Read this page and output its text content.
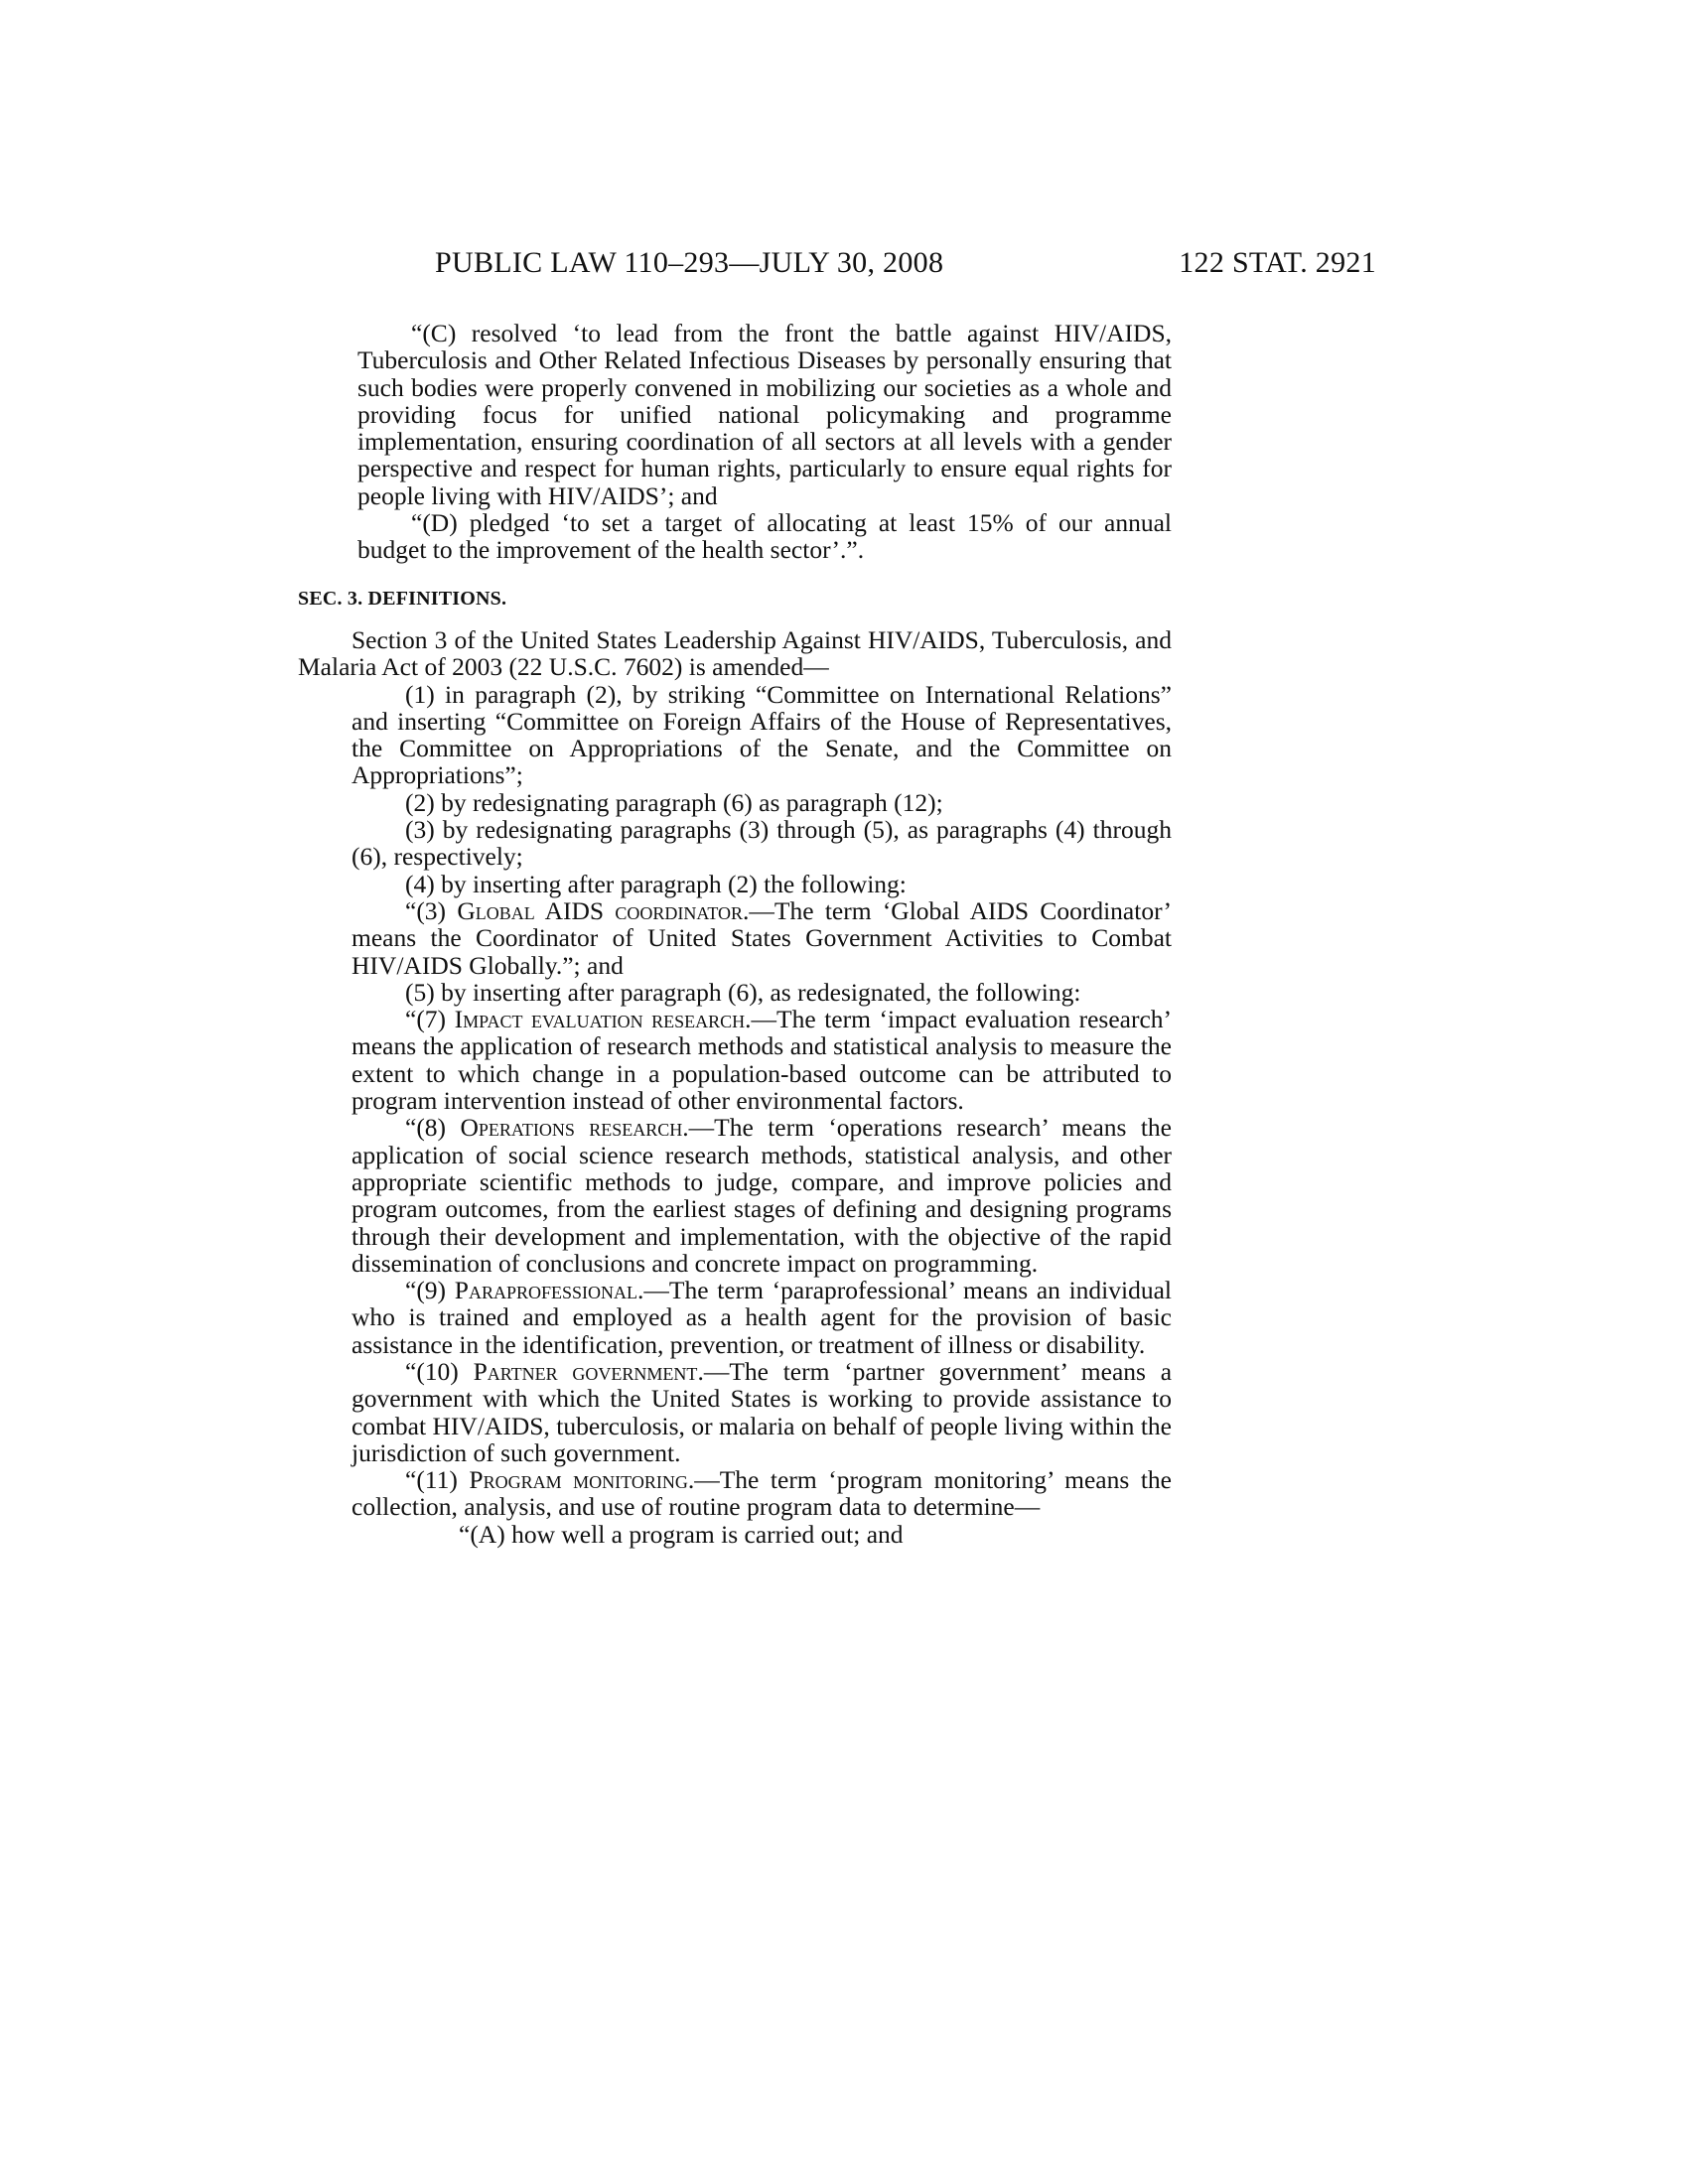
PUBLIC LAW 110–293—JULY 30, 2008	122 STAT. 2921

“(C) resolved ‘to lead from the front the battle against HIV/AIDS, Tuberculosis and Other Related Infectious Diseases by personally ensuring that such bodies were properly convened in mobilizing our societies as a whole and providing focus for unified national policymaking and programme implementation, ensuring coordination of all sectors at all levels with a gender perspective and respect for human rights, particularly to ensure equal rights for people living with HIV/AIDS’; and

“(D) pledged ‘to set a target of allocating at least 15% of our annual budget to the improvement of the health sector’.”.

SEC. 3. DEFINITIONS.

Section 3 of the United States Leadership Against HIV/AIDS, Tuberculosis, and Malaria Act of 2003 (22 U.S.C. 7602) is amended—

(1) in paragraph (2), by striking “Committee on International Relations” and inserting “Committee on Foreign Affairs of the House of Representatives, the Committee on Appropriations of the Senate, and the Committee on Appropriations”;

(2) by redesignating paragraph (6) as paragraph (12);

(3) by redesignating paragraphs (3) through (5), as paragraphs (4) through (6), respectively;

(4) by inserting after paragraph (2) the following:

“(3) Global AIDS coordinator.—The term ‘Global AIDS Coordinator’ means the Coordinator of United States Government Activities to Combat HIV/AIDS Globally.”; and

(5) by inserting after paragraph (6), as redesignated, the following:

“(7) Impact evaluation research.—The term ‘impact evaluation research’ means the application of research methods and statistical analysis to measure the extent to which change in a population-based outcome can be attributed to program intervention instead of other environmental factors.

“(8) Operations research.—The term ‘operations research’ means the application of social science research methods, statistical analysis, and other appropriate scientific methods to judge, compare, and improve policies and program outcomes, from the earliest stages of defining and designing programs through their development and implementation, with the objective of the rapid dissemination of conclusions and concrete impact on programming.

“(9) Paraprofessional.—The term ‘paraprofessional’ means an individual who is trained and employed as a health agent for the provision of basic assistance in the identification, prevention, or treatment of illness or disability.

“(10) Partner government.—The term ‘partner government’ means a government with which the United States is working to provide assistance to combat HIV/AIDS, tuberculosis, or malaria on behalf of people living within the jurisdiction of such government.

“(11) Program monitoring.—The term ‘program monitoring’ means the collection, analysis, and use of routine program data to determine—

“(A) how well a program is carried out; and
